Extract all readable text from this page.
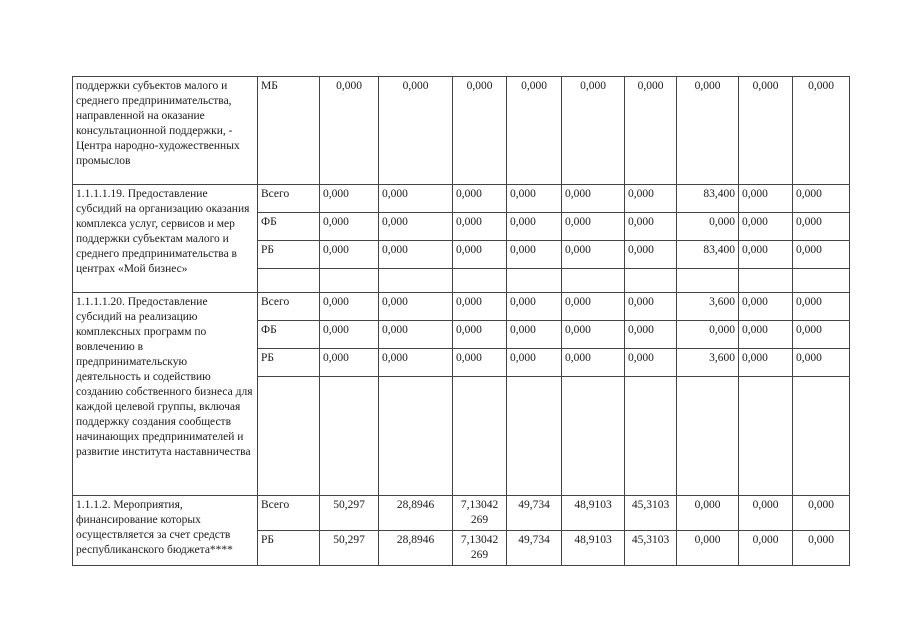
поддержки субъектов малого и среднего предпринимательства, направленной на оказание консультационной поддержки, - Центра народно-художественных промыслов	МБ	0,000	0,000	0,000	0,000	0,000	0,000	0,000	0,000	0,000
1.1.1.1.19. Предоставление субсидий на организацию оказания комплекса услуг, сервисов и мер поддержки субъектам малого и среднего предпринимательства в центрах «Мой бизнес»	Всего	0,000	0,000	0,000	0,000	0,000	0,000	83,400	0,000	0,000
	ФБ	0,000	0,000	0,000	0,000	0,000	0,000	0,000	0,000	0,000
	РБ	0,000	0,000	0,000	0,000	0,000	0,000	83,400	0,000	0,000

1.1.1.1.20. Предоставление субсидий на реализацию комплексных программ по вовлечению в предпринимательскую деятельность и содействию созданию собственного бизнеса для каждой целевой группы, включая поддержку создания сообществ начинающих предпринимателей и развитие института наставничества	Всего	0,000	0,000	0,000	0,000	0,000	0,000	3,600	0,000	0,000
	ФБ	0,000	0,000	0,000	0,000	0,000	0,000	0,000	0,000	0,000
	РБ	0,000	0,000	0,000	0,000	0,000	0,000	3,600	0,000	0,000

1.1.1.2. Мероприятия, финансирование которых осуществляется за счет средств республиканского бюджета****	Всего	50,297	28,8946	7,13042 269	49,734	48,9103	45,3103	0,000	0,000	0,000
	РБ	50,297	28,8946	7,13042 269	49,734	48,9103	45,3103	0,000	0,000	0,000
